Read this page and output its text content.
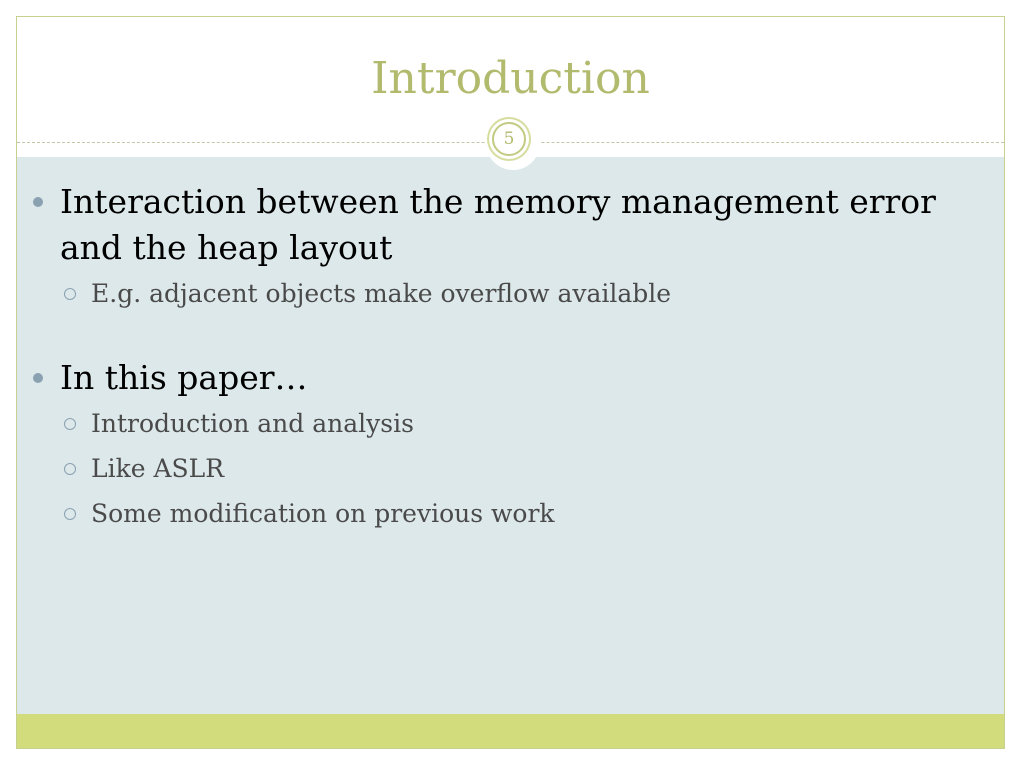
Introduction
5
Interaction between the memory management error and the heap layout
E.g. adjacent objects make overflow available
In this paper…
Introduction and analysis
Like ASLR
Some modification on previous work
